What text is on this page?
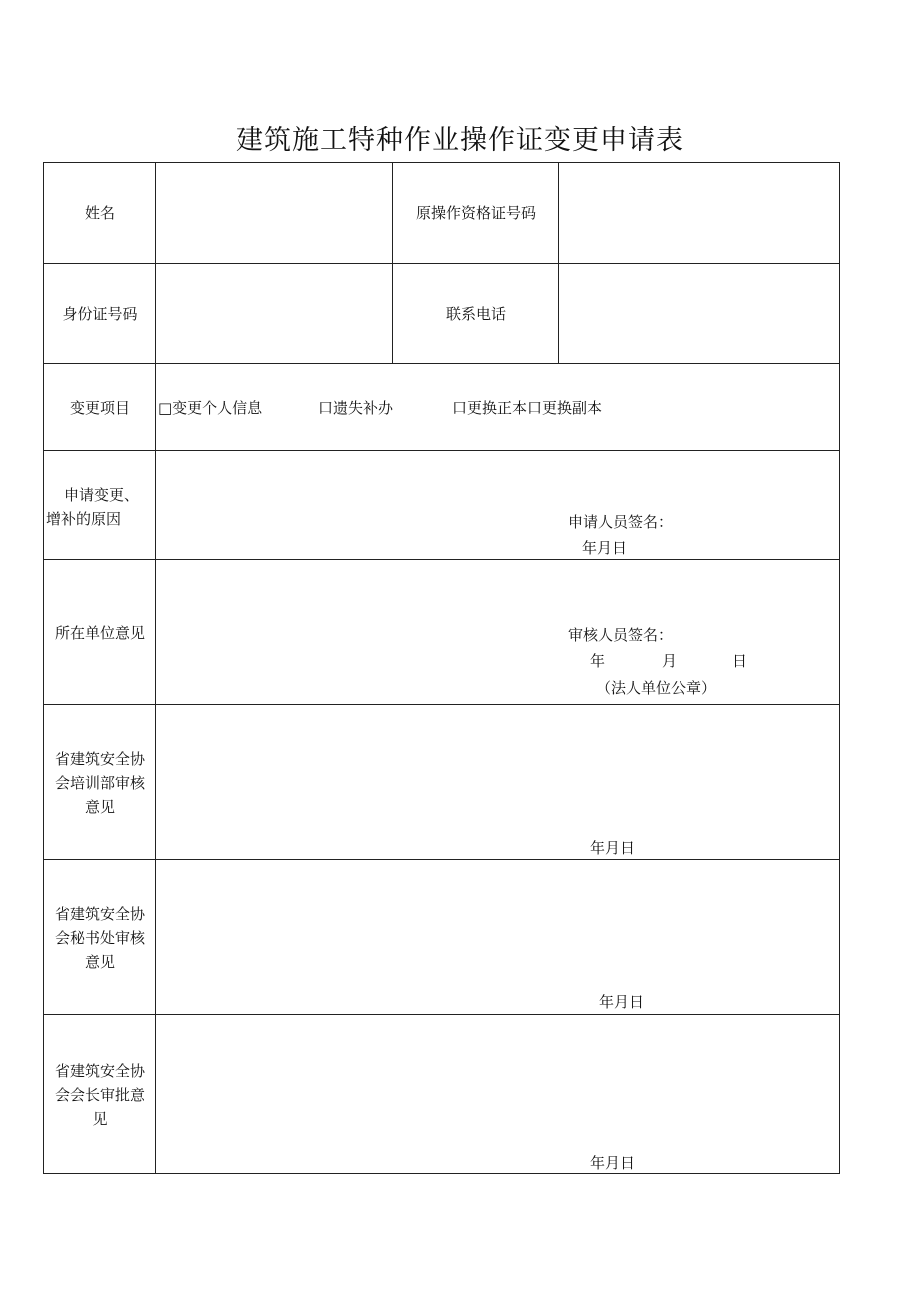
建筑施工特种作业操作证变更申请表
姓名	原操作资格证号码
身份证号码	联系电话
变更项目	□变更个人信息	口遗失补办	口更换正本口更换副本
申请变更、
增补的原因	申请人员签名：
年月日
所在单位意见	审核人员签名：
年	月	日
（法人单位公章）
省建筑安全协
会培训部审核
意见
年月日
省建筑安全协
会秘书处审核
意见
年月日
省建筑安全协
会会长审批意
见
年月日
